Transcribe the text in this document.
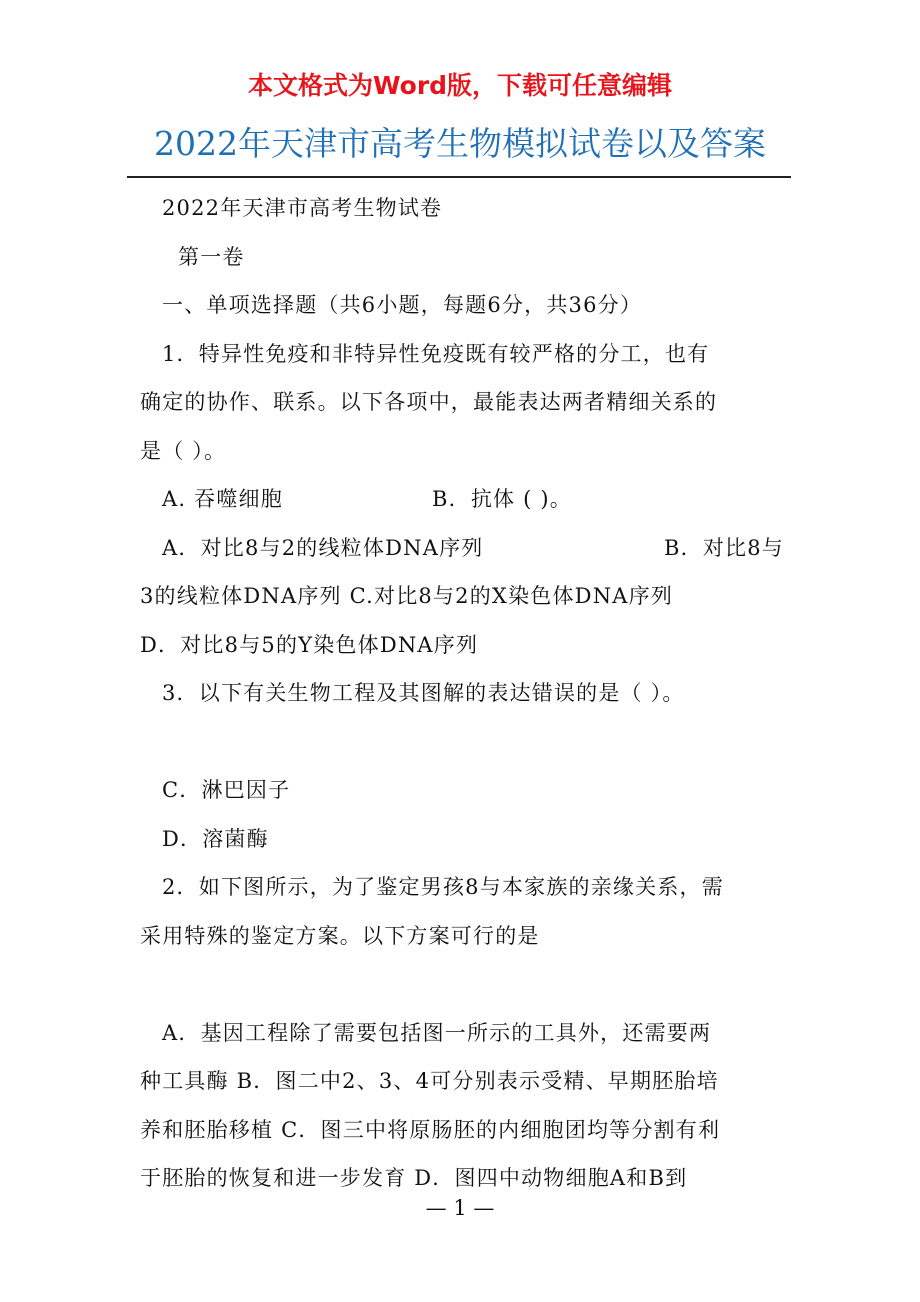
本文格式为Word版，下载可任意编辑
2022年天津市高考生物模拟试卷以及答案

2022年天津市高考生物试卷

第一卷

一、单项选择题（共6小题，每题6分，共36分）

1．特异性免疫和非特异性免疫既有较严格的分工，也有

确定的协作、联系。以下各项中，最能表达两者精细关系的

是（ ）。

A. 吞噬细胞	B．抗体 ( )。

A．对比8与2的线粒体DNA序列	B．对比8与

3的线粒体DNA序列 C.对比8与2的X染色体DNA序列

D．对比8与5的Y染色体DNA序列

3．以下有关生物工程及其图解的表达错误的是（ ）。

C．淋巴因子

D．溶菌酶

2．如下图所示，为了鉴定男孩8与本家族的亲缘关系，需

采用特殊的鉴定方案。以下方案可行的是

A．基因工程除了需要包括图一所示的工具外，还需要两

种工具酶 B．图二中2、3、4可分别表示受精、早期胚胎培

养和胚胎移植 C．图三中将原肠胚的内细胞团均等分割有利

于胚胎的恢复和进一步发育 D．图四中动物细胞A和B到

— 1 —
